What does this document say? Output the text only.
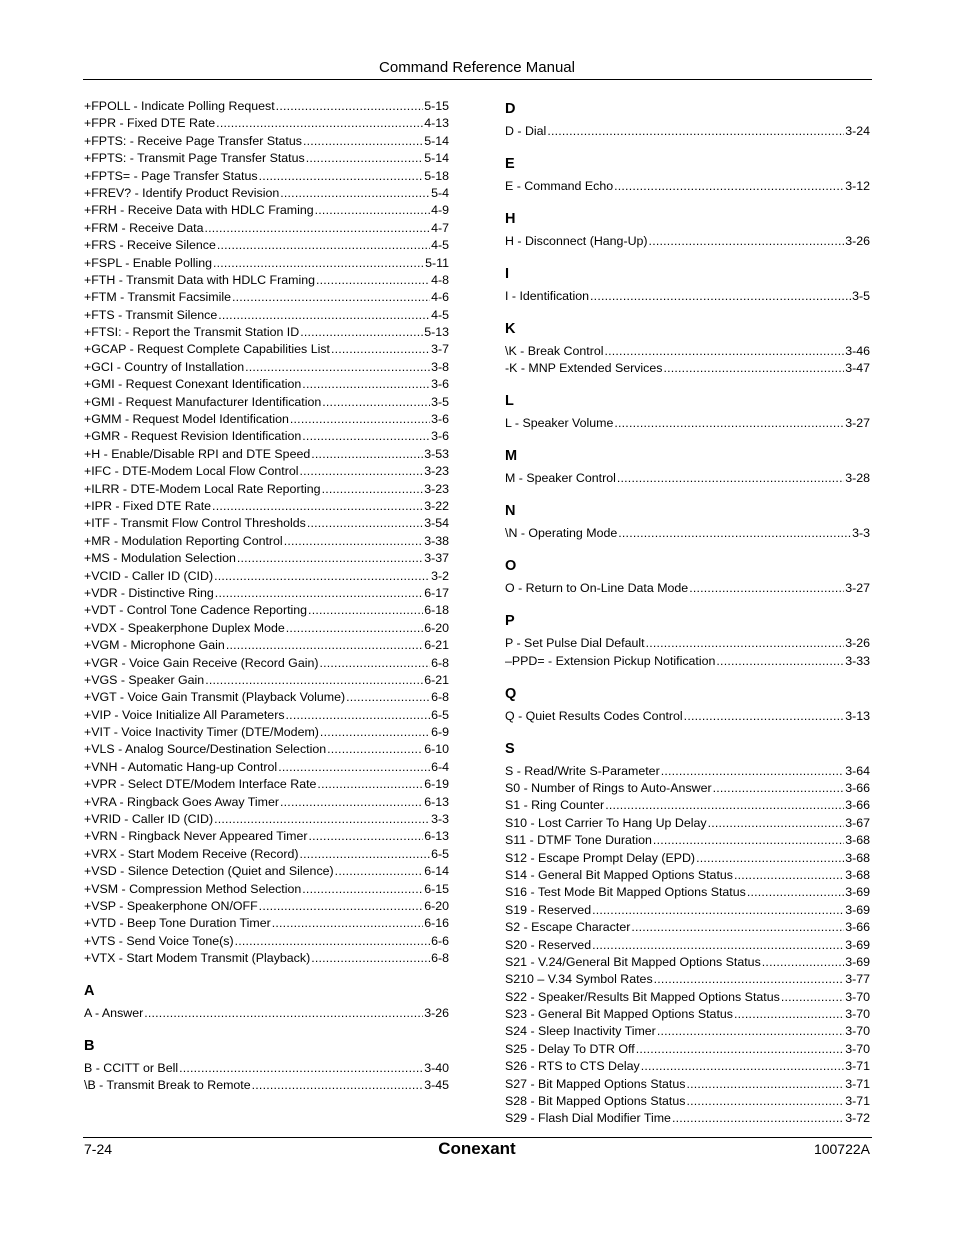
Command Reference Manual
+FPOLL - Indicate Polling Request .....	5-15
+FPR - Fixed DTE Rate .....	4-13
+FPTS: - Receive Page Transfer Status .....	5-14
+FPTS: - Transmit Page Transfer Status .....	5-14
+FPTS= - Page Transfer Status .....	5-18
+FREV? - Identify Product Revision .....	5-4
+FRH - Receive Data with HDLC Framing .....	4-9
+FRM - Receive Data .....	4-7
+FRS - Receive Silence .....	4-5
+FSPL - Enable Polling .....	5-11
+FTH - Transmit Data with HDLC Framing .....	4-8
+FTM - Transmit Facsimile .....	4-6
+FTS - Transmit Silence .....	4-5
+FTSI: - Report the Transmit Station ID .....	5-13
+GCAP - Request Complete Capabilities List .....	3-7
+GCI - Country of Installation .....	3-8
+GMI - Request Conexant Identification .....	3-6
+GMI - Request Manufacturer Identification .....	3-5
+GMM - Request Model Identification .....	3-6
+GMR - Request Revision Identification .....	3-6
+H - Enable/Disable RPI and DTE Speed .....	3-53
+IFC - DTE-Modem Local Flow Control .....	3-23
+ILRR - DTE-Modem Local Rate Reporting .....	3-23
+IPR - Fixed DTE Rate .....	3-22
+ITF - Transmit Flow Control Thresholds .....	3-54
+MR - Modulation Reporting Control .....	3-38
+MS - Modulation Selection .....	3-37
+VCID - Caller ID (CID) .....	3-2
+VDR - Distinctive Ring .....	6-17
+VDT - Control Tone Cadence Reporting .....	6-18
+VDX - Speakerphone Duplex Mode .....	6-20
+VGM - Microphone Gain .....	6-21
+VGR - Voice Gain Receive (Record Gain) .....	6-8
+VGS - Speaker Gain .....	6-21
+VGT - Voice Gain Transmit (Playback Volume) .....	6-8
+VIP - Voice Initialize All Parameters .....	6-5
+VIT - Voice Inactivity Timer (DTE/Modem) .....	6-9
+VLS - Analog Source/Destination Selection .....	6-10
+VNH - Automatic Hang-up Control .....	6-4
+VPR - Select DTE/Modem Interface Rate .....	6-19
+VRA - Ringback Goes Away Timer .....	6-13
+VRID - Caller ID (CID) .....	3-3
+VRN - Ringback Never Appeared Timer .....	6-13
+VRX - Start Modem Receive (Record) .....	6-5
+VSD - Silence Detection (Quiet and Silence) .....	6-14
+VSM - Compression Method Selection .....	6-15
+VSP - Speakerphone ON/OFF .....	6-20
+VTD - Beep Tone Duration Timer .....	6-16
+VTS - Send Voice Tone(s) .....	6-6
+VTX - Start Modem Transmit (Playback) .....	6-8
A
A - Answer .....	3-26
B
B - CCITT or Bell .....	3-40
\B - Transmit Break to Remote .....	3-45
D
D - Dial .....	3-24
E
E - Command Echo .....	3-12
H
H - Disconnect (Hang-Up) .....	3-26
I
I - Identification .....	3-5
K
\K - Break Control .....	3-46
-K - MNP Extended Services .....	3-47
L
L - Speaker Volume .....	3-27
M
M - Speaker Control .....	3-28
N
\N - Operating Mode .....	3-3
O
O - Return to On-Line Data Mode .....	3-27
P
P - Set Pulse Dial Default .....	3-26
–PPD= - Extension Pickup Notification .....	3-33
Q
Q - Quiet Results Codes Control .....	3-13
S
S - Read/Write S-Parameter .....	3-64
S0 - Number of Rings to Auto-Answer .....	3-66
S1 - Ring Counter .....	3-66
S10 - Lost Carrier To Hang Up Delay .....	3-67
S11 - DTMF Tone Duration .....	3-68
S12 - Escape Prompt Delay (EPD) .....	3-68
S14 - General Bit Mapped Options Status .....	3-68
S16 - Test Mode Bit Mapped Options Status .....	3-69
S19 - Reserved .....	3-69
S2 - Escape Character .....	3-66
S20 - Reserved .....	3-69
S21 - V.24/General Bit Mapped Options Status .....	3-69
S210 – V.34 Symbol Rates .....	3-77
S22 - Speaker/Results Bit Mapped Options Status .....	3-70
S23 - General Bit Mapped Options Status .....	3-70
S24 - Sleep Inactivity Timer .....	3-70
S25 - Delay To DTR Off .....	3-70
S26 - RTS to CTS Delay .....	3-71
S27 - Bit Mapped Options Status .....	3-71
S28 - Bit Mapped Options Status .....	3-71
S29 - Flash Dial Modifier Time .....	3-72
7-24	Conexant	100722A
